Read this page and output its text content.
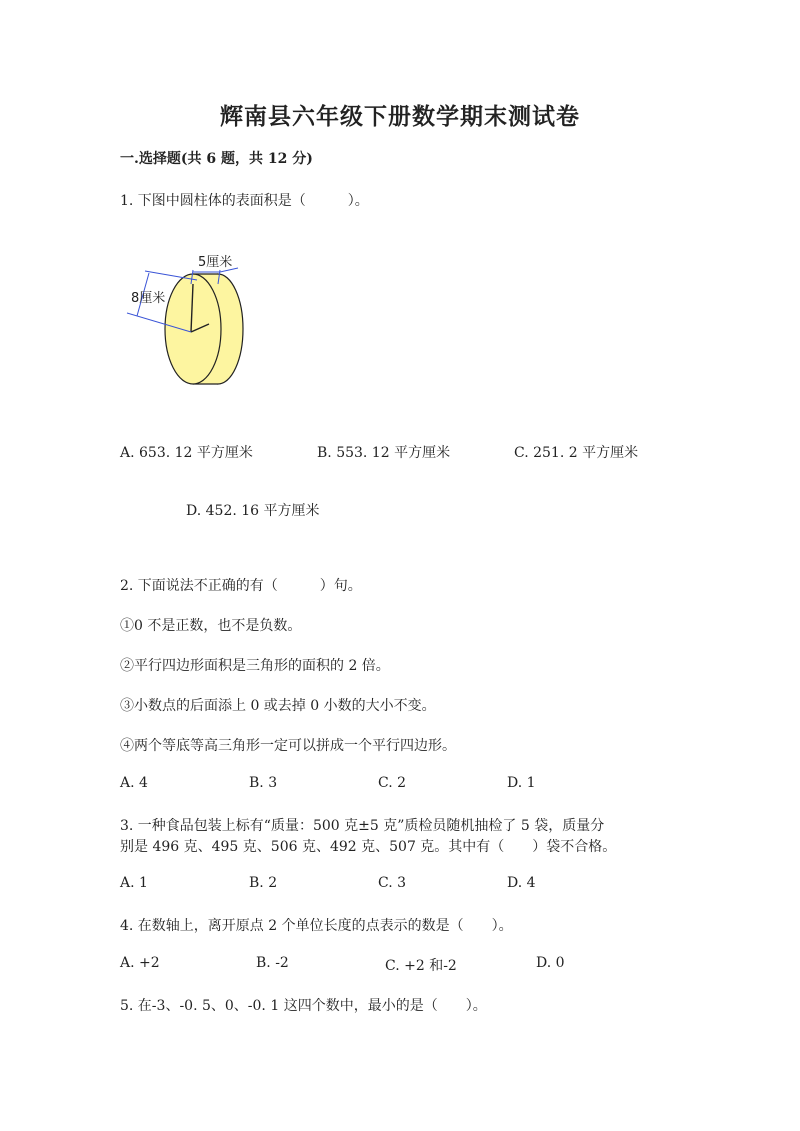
辉南县六年级下册数学期末测试卷
一.选择题(共 6 题，共 12 分)
1. 下图中圆柱体的表面积是（　　　）。
5厘米
8厘米
A. 653. 12 平方厘米	B. 553. 12 平方厘米	C. 251. 2 平方厘米
D. 452. 16 平方厘米
2. 下面说法不正确的有（　　　）句。
①0 不是正数，也不是负数。
②平行四边形面积是三角形的面积的 2 倍。
③小数点的后面添上 0 或去掉 0 小数的大小不变。
④两个等底等高三角形一定可以拼成一个平行四边形。
A. 4	B. 3	C. 2	D. 1
3. 一种食品包装上标有“质量：500 克±5 克”质检员随机抽检了 5 袋，质量分
别是 496 克、495 克、506 克、492 克、507 克。其中有（　　）袋不合格。
A. 1	B. 2	C. 3	D. 4
4. 在数轴上，离开原点 2 个单位长度的点表示的数是（　　）。
A. +2	B. -2	C. +2 和-2	D. 0
5. 在-3、-0. 5、0、-0. 1 这四个数中，最小的是（　　）。
